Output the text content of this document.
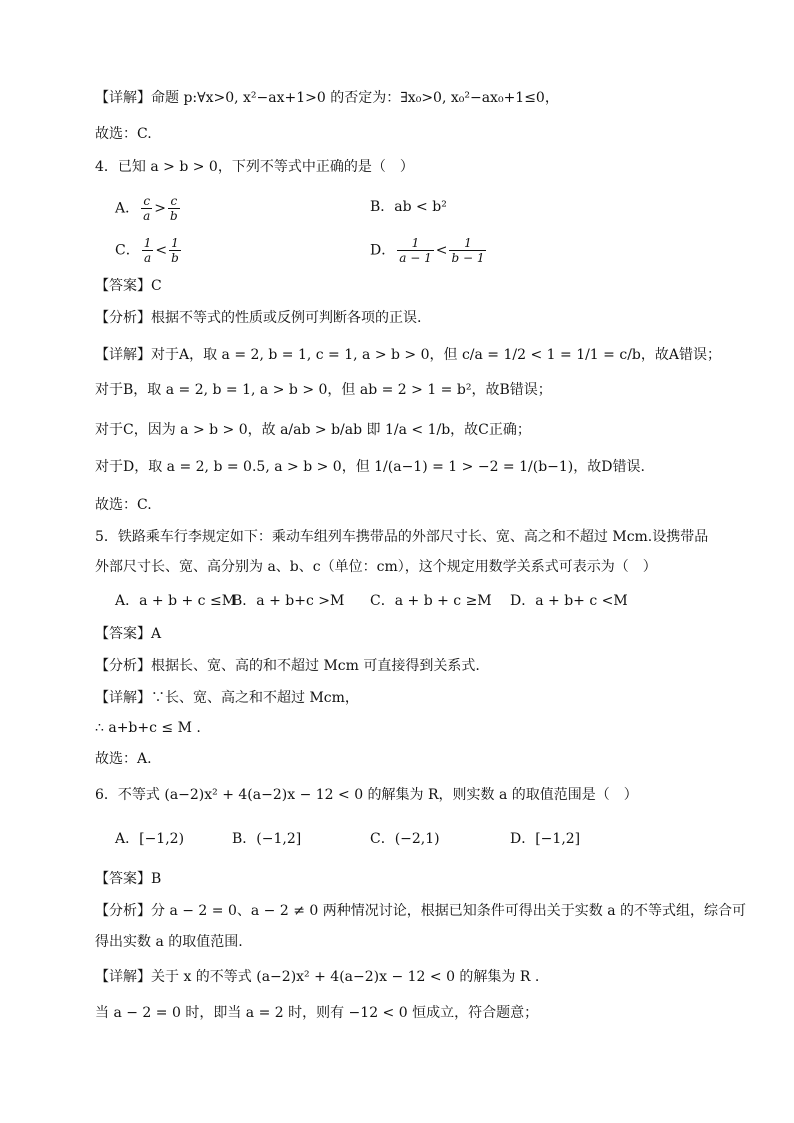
【详解】命题 p:∀x>0, x²−ax+1>0 的否定为：∃x₀>0, x₀²−ax₀+1≤0，
故选：C.
4．已知 a > b > 0，下列不等式中正确的是（　）
A． $\frac{c}{a} > \frac{c}{b}$	B．ab < b²
C． $\frac{1}{a} < \frac{1}{b}$	D． $\frac{1}{a - 1} < \frac{1}{b - 1}$
【答案】C
【分析】根据不等式的性质或反例可判断各项的正误.
【详解】对于A，取 a = 2, b = 1, c = 1, a > b > 0，但 c/a = 1/2 < 1 = 1/1 = c/b，故A错误；
对于B，取 a = 2, b = 1, a > b > 0，但 ab = 2 > 1 = b²，故B错误；
对于C，因为 a > b > 0，故 a/ab > b/ab 即 1/a < 1/b，故C正确；
对于D，取 a = 2, b = 0.5, a > b > 0，但 1/(a−1) = 1 > −2 = 1/(b−1)，故D错误.
故选：C.
5．铁路乘车行李规定如下：乘动车组列车携带品的外部尺寸长、宽、高之和不超过 Mcm.设携带品
外部尺寸长、宽、高分别为 a、b、c（单位：cm），这个规定用数学关系式可表示为（　）
A．a + b + c ≤M
B．a + b+c >M C．a + b + c ≥M D．a + b+ c <M
【答案】A
【分析】根据长、宽、高的和不超过 Mcm 可直接得到关系式.
【详解】∵长、宽、高之和不超过 Mcm，
∴ a+b+c ≤ M .
故选：A.
6．不等式 (a−2)x² + 4(a−2)x − 12 < 0 的解集为 R，则实数 a 的取值范围是（　）
A．[−1,2)	B．(−1,2]	C．(−2,1)	D．[−1,2]
【答案】B
【分析】分 a − 2 = 0、a − 2 ≠ 0 两种情况讨论，根据已知条件可得出关于实数 a 的不等式组，综合可
得出实数 a 的取值范围.
【详解】关于 x 的不等式 (a−2)x² + 4(a−2)x − 12 < 0 的解集为 R .
当 a − 2 = 0 时，即当 a = 2 时，则有 −12 < 0 恒成立，符合题意；
